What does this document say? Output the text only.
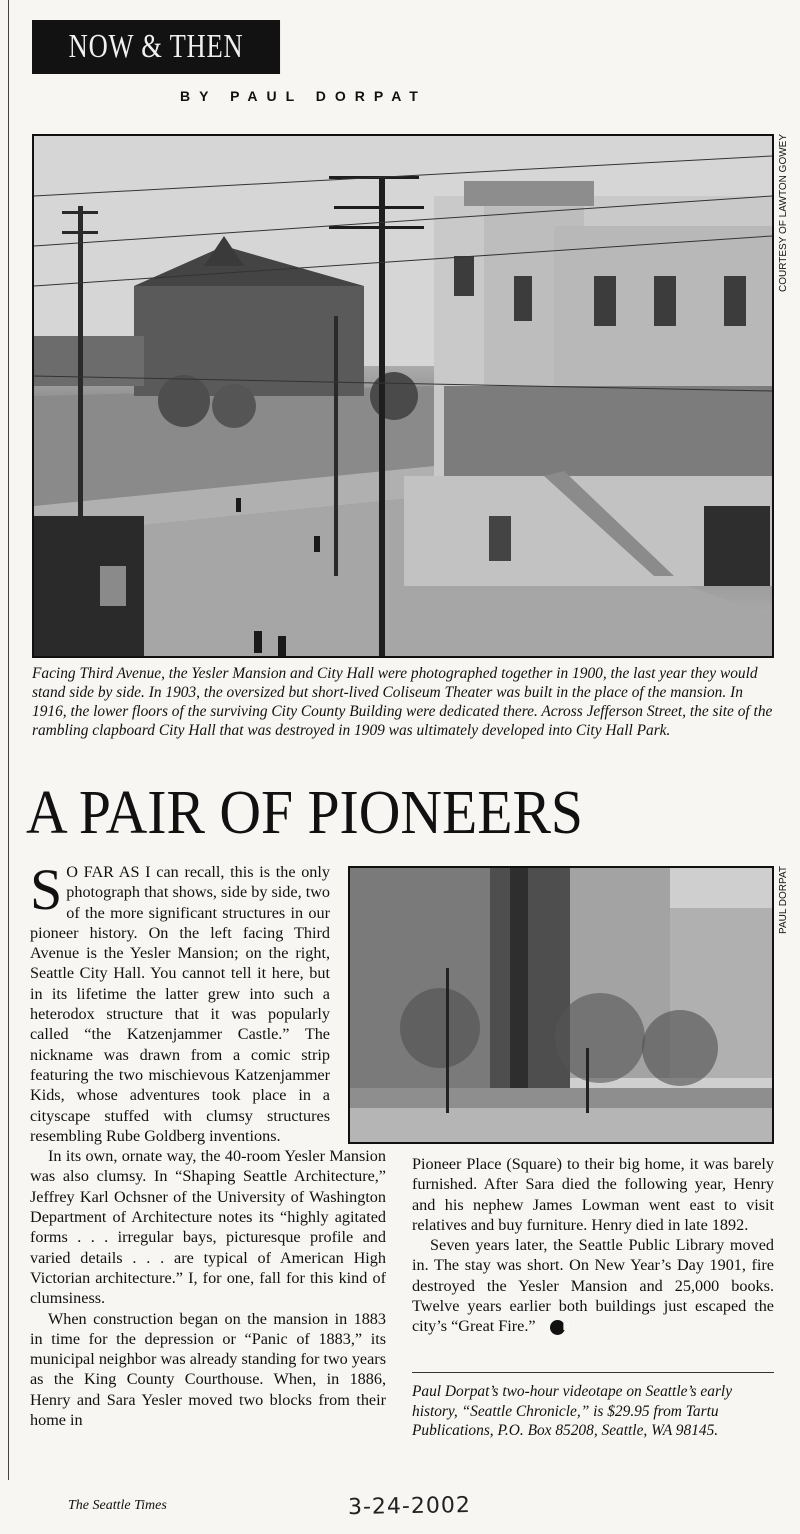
NOW & THEN
BY PAUL DORPAT
COURTESY OF LAWTON GOWEY
Facing Third Avenue, the Yesler Mansion and City Hall were photographed together in 1900, the last year they would stand side by side. In 1903, the oversized but short-lived Coliseum Theater was built in the place of the mansion. In 1916, the lower floors of the surviving City County Building were dedicated there. Across Jefferson Street, the site of the rambling clapboard City Hall that was destroyed in 1909 was ultimately developed into City Hall Park.
A PAIR OF PIONEERS
PAUL DORPAT

S O FAR AS I can recall, this is the only photograph that shows, side by side, two of the more significant structures in our pioneer history. On the left facing Third Avenue is the Yesler Mansion; on the right, Seattle City Hall. You cannot tell it here, but in its lifetime the latter grew into such a heterodox structure that it was popularly called “the Katzenjammer Castle.” The nickname was drawn from a comic strip featuring the two mischievous Katzenjammer Kids, whose adventures took place in a cityscape stuffed with clumsy structures resembling Rube Goldberg inventions.

In its own, ornate way, the 40-room Yesler Mansion was also clumsy. In “Shaping Seattle Architecture,” Jeffrey Karl Ochsner of the University of Washington Department of Architecture notes its “highly agitated forms . . . irregular bays, picturesque profile and varied details . . . are typical of American High Victorian architecture.” I, for one, fall for this kind of clumsiness.

When construction began on the mansion in 1883 in time for the depression or “Panic of 1883,” its municipal neighbor was already standing for two years as the King County Courthouse. When, in 1886, Henry and Sara Yesler moved two blocks from their home in

Pioneer Place (Square) to their big home, it was barely furnished. After Sara died the following year, Henry and his nephew James Lowman went east to visit relatives and buy furniture. Henry died in late 1892.

Seven years later, the Seattle Public Library moved in. The stay was short. On New Year’s Day 1901, fire destroyed the Yesler Mansion and 25,000 books. Twelve years earlier both buildings just escaped the city’s “Great Fire.”	P

Paul Dorpat’s two-hour videotape on Seattle’s early history, “Seattle Chronicle,” is $29.95 from Tartu Publications, P.O. Box 85208, Seattle, WA 98145.
The Seattle Times	3-24-2002
